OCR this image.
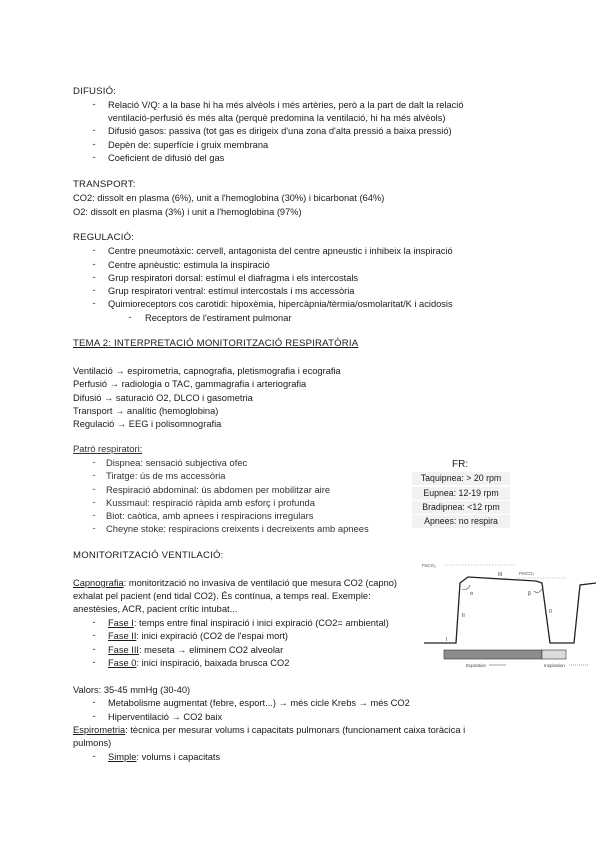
DIFUSIÓ:
- Relació V/Q: a la base hi ha més alvèols i més artèries, però a la part de dalt la relació
ventilació-perfusió és més alta (perquè predomina la ventilació, hi ha més alvèols)
- Difusió gasos: passiva (tot gas es dirigeix d'una zona d'alta pressió a baixa pressió)
- Depèn de: superfície i gruix membrana
- Coeficient de difusió del gas
TRANSPORT:
CO2: dissolt en plasma (6%), unit a l'hemoglobina (30%) i bicarbonat (64%)
O2: dissolt en plasma (3%) i unit a l'hemoglobina (97%)
REGULACIÓ:
- Centre pneumotàxic: cervell, antagonista del centre apneustic i inhibeix la inspiració
- Centre apnèustic: estimula la inspiració
- Grup respiratori dorsal: estímul el diafragma i els intercostals
- Grup respiratori ventral: estímul intercostals i ms accessòria
- Quimioreceptors cos carotidi: hipoxèmia, hipercàpnia/tèrmia/osmolaritat/K i acidosis
- Receptors de l'estirament pulmonar
TEMA 2: INTERPRETACIÓ MONITORITZACIÓ RESPIRATÒRIA
Ventilació → espirometria, capnografia, pletismografia i ecografia
Perfusió → radiologia o TAC, gammagrafia i arteriografia
Difusió → saturació O2, DLCO i gasometria
Transport → analític (hemoglobina)
Regulació → EEG i polisomnografia
Patró respiratori:
- Dispnea: sensació subjectiva ofec
- Tiratge: ús de ms accessòria
- Respiració abdominal: ús abdomen per mobilitzar aire
- Kussmaul: respiració ràpida amb esforç i profunda
- Biot: caòtica, amb apnees i respiracions irregulars
- Cheyne stoke: respiracions creixents i decreixents amb apnees
FR:
Taquipnea: > 20 rpm
Eupnea: 12-19 rpm
Bradipnea: <12 rpm
Apnees: no respira
MONITORITZACIÓ VENTILACIÓ:
Capnografia: monitorització no invasiva de ventilació que mesura CO2 (capno)
exhalat pel pacient (end tidal CO2). És contínua, a temps real. Exemple:
anestèsies, ACR, pacient crític intubat...
- Fase I: temps entre final inspiració i inici expiració (CO2= ambiental)
- Fase II: inici expiració (CO2 de l'espai mort)
- Fase III: meseta → eliminem CO2 alveolar
- Fase 0: inici inspiració, baixada brusca CO2
Valors: 35-45 mmHg (30-40)
- Metabolisme augmentat (febre, esport...) → més cicle Krebs → més CO2
- Hiperventilació → CO2 baix
Espirometria: tècnica per mesurar volums i capacitats pulmonars (funcionament caixa toràcica i
pulmons)
- Simple: volums i capacitats
PaCO₂
PetCO₂
I
II
III
0
α	β
Expiration	Inspiration
